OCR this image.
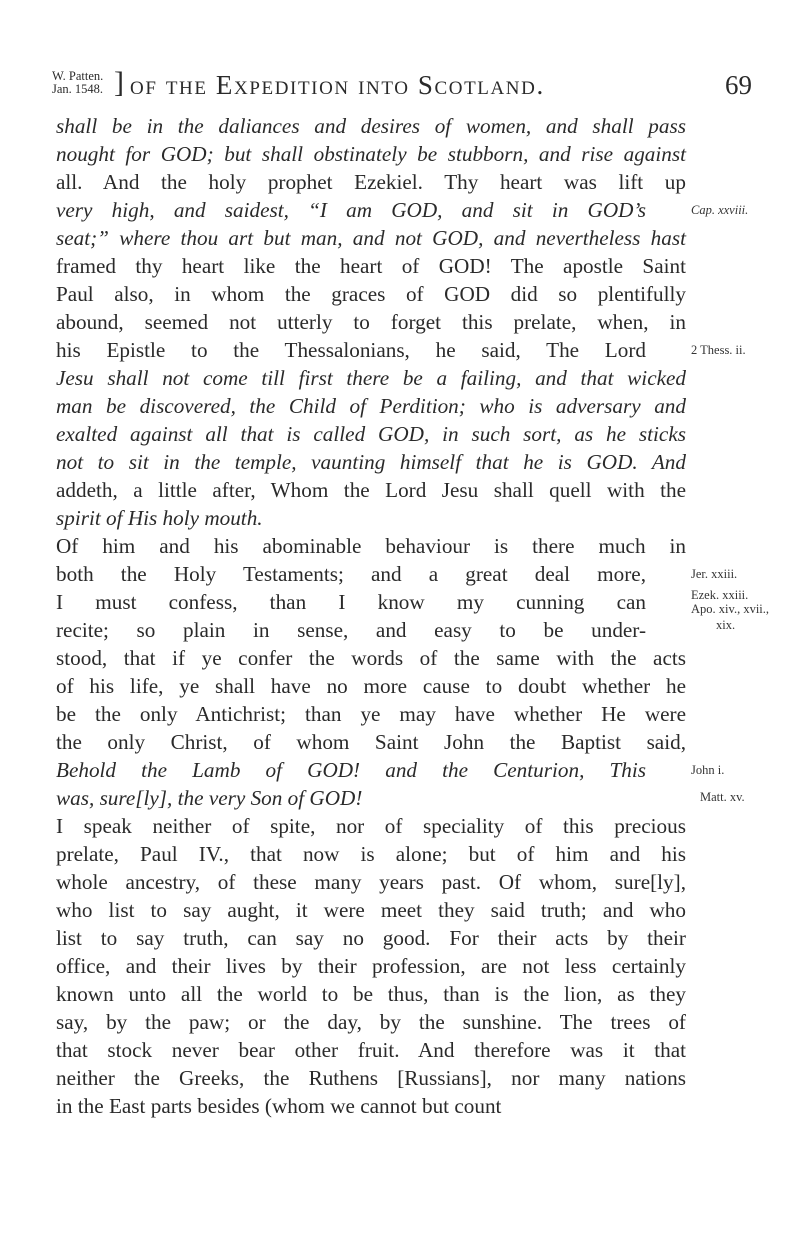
W. Patten.
Jan. 1548. ] of the Expedition into Scotland.	69
shall be in the daliances and desires of women, and shall pass
nought for GOD; but shall obstinately be stubborn, and rise against
all. And the holy prophet Ezekiel. Thy heart was lift up
very high, and saidest, “I am GOD, and sit in GOD’s
seat;” where thou art but man, and not GOD, and nevertheless hast
framed thy heart like the heart of GOD! The apostle Saint
Paul also, in whom the graces of GOD did so plentifully
abound, seemed not utterly to forget this prelate, when, in
his Epistle to the Thessalonians, he said, The Lord
Jesu shall not come till first there be a failing, and that wicked
man be discovered, the Child of Perdition; who is adversary and
exalted against all that is called GOD, in such sort, as he sticks
not to sit in the temple, vaunting himself that he is GOD. And
addeth, a little after, Whom the Lord Jesu shall quell with the
spirit of His holy mouth.
Of him and his abominable behaviour is there much in
both the Holy Testaments; and a great deal more,
I must confess, than I know my cunning can
recite; so plain in sense, and easy to be under-
stood, that if ye confer the words of the same with the acts
of his life, ye shall have no more cause to doubt whether he
be the only Antichrist; than ye may have whether He were
the only Christ, of whom Saint John the Baptist said,
Behold the Lamb of GOD! and the Centurion, This
was, sure[ly], the very Son of GOD!
I speak neither of spite, nor of speciality of this precious
prelate, Paul IV., that now is alone; but of him and his
whole ancestry, of these many years past. Of whom, sure[ly],
who list to say aught, it were meet they said truth; and who
list to say truth, can say no good. For their acts by their
office, and their lives by their profession, are not less certainly
known unto all the world to be thus, than is the lion, as they
say, by the paw; or the day, by the sunshine. The trees of
that stock never bear other fruit. And therefore was it that
neither the Greeks, the Ruthens [Russians], nor many nations
in the East parts besides (whom we cannot but count
Cap. xxviii.
2 Thess. ii.
Jer. xxiii.
Ezek. xxiii.
Apo. xiv., xvii.,
xix.
John i.
Matt. xv.
